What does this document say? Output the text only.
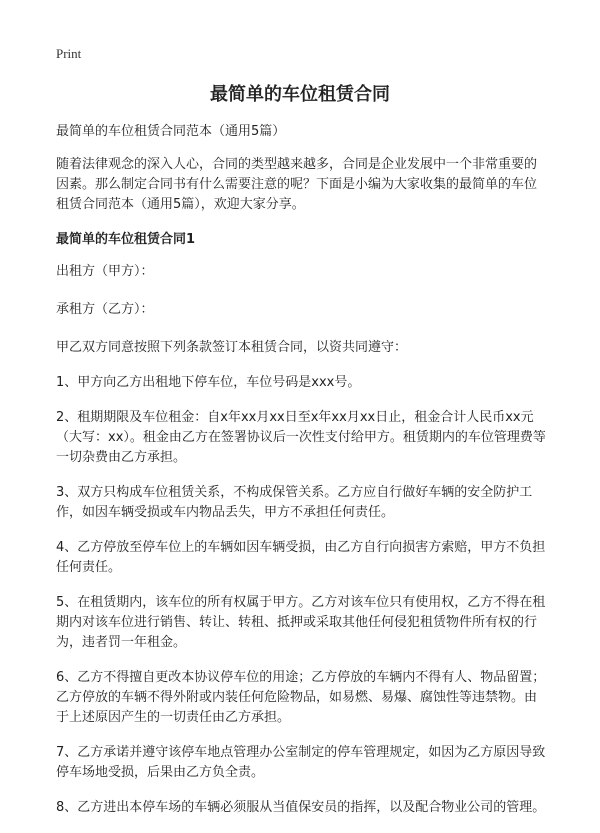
Print
最简单的车位租赁合同

最简单的车位租赁合同范本（通用5篇）

随着法律观念的深入人心，合同的类型越来越多，合同是企业发展中一个非常重要的因素。那么制定合同书有什么需要注意的呢？下面是小编为大家收集的最简单的车位租赁合同范本（通用5篇），欢迎大家分享。

最简单的车位租赁合同1

出租方（甲方）：

承租方（乙方）：

甲乙双方同意按照下列条款签订本租赁合同，以资共同遵守：

1、甲方向乙方出租地下停车位，车位号码是xxx号。

2、租期期限及车位租金：自x年xx月xx日至x年xx月xx日止，租金合计人民币xx元（大写：xx）。租金由乙方在签署协议后一次性支付给甲方。租赁期内的车位管理费等一切杂费由乙方承担。

3、双方只构成车位租赁关系，不构成保管关系。乙方应自行做好车辆的安全防护工作，如因车辆受损或车内物品丢失，甲方不承担任何责任。

4、乙方停放至停车位上的车辆如因车辆受损，由乙方自行向损害方索赔，甲方不负担任何责任。

5、在租赁期内，该车位的所有权属于甲方。乙方对该车位只有使用权，乙方不得在租期内对该车位进行销售、转让、转租、抵押或采取其他任何侵犯租赁物件所有权的行为，违者罚一年租金。

6、乙方不得擅自更改本协议停车位的用途；乙方停放的车辆内不得有人、物品留置；乙方停放的车辆不得外附或内装任何危险物品，如易燃、易爆、腐蚀性等违禁物。由于上述原因产生的一切责任由乙方承担。

7、乙方承诺并遵守该停车地点管理办公室制定的停车管理规定，如因为乙方原因导致停车场地受损，后果由乙方负全责。

8、乙方进出本停车场的车辆必须服从当值保安员的指挥，以及配合物业公司的管理。
